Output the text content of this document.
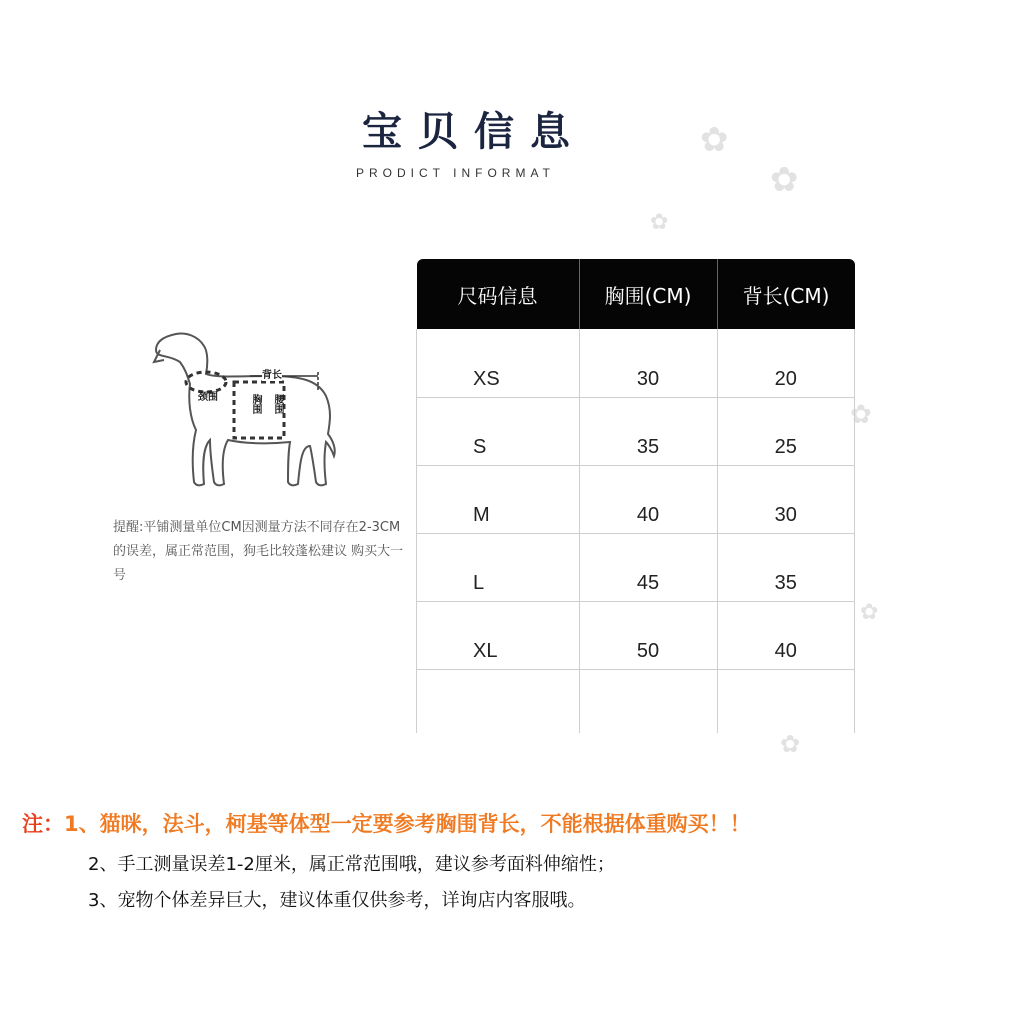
宝贝信息
PRODICT INFORMAT
✿
✿
✿
✿
✿
✿
背长
颈围	胸围 腰围
提醒:平铺测量单位CM因测量方法不同存在2-3CM的误差，属正常范围，狗毛比较蓬松建议 购买大一号
尺码信息	胸围(CM)	背长(CM)
XS	30	20
S	35	25
M	40	30
L	45	35
XL	50	40

注：1、猫咪，法斗，柯基等体型一定要参考胸围背长，不能根据体重购买！！
2、手工测量误差1-2厘米，属正常范围哦，建议参考面料伸缩性；
3、宠物个体差异巨大，建议体重仅供参考，详询店内客服哦。
